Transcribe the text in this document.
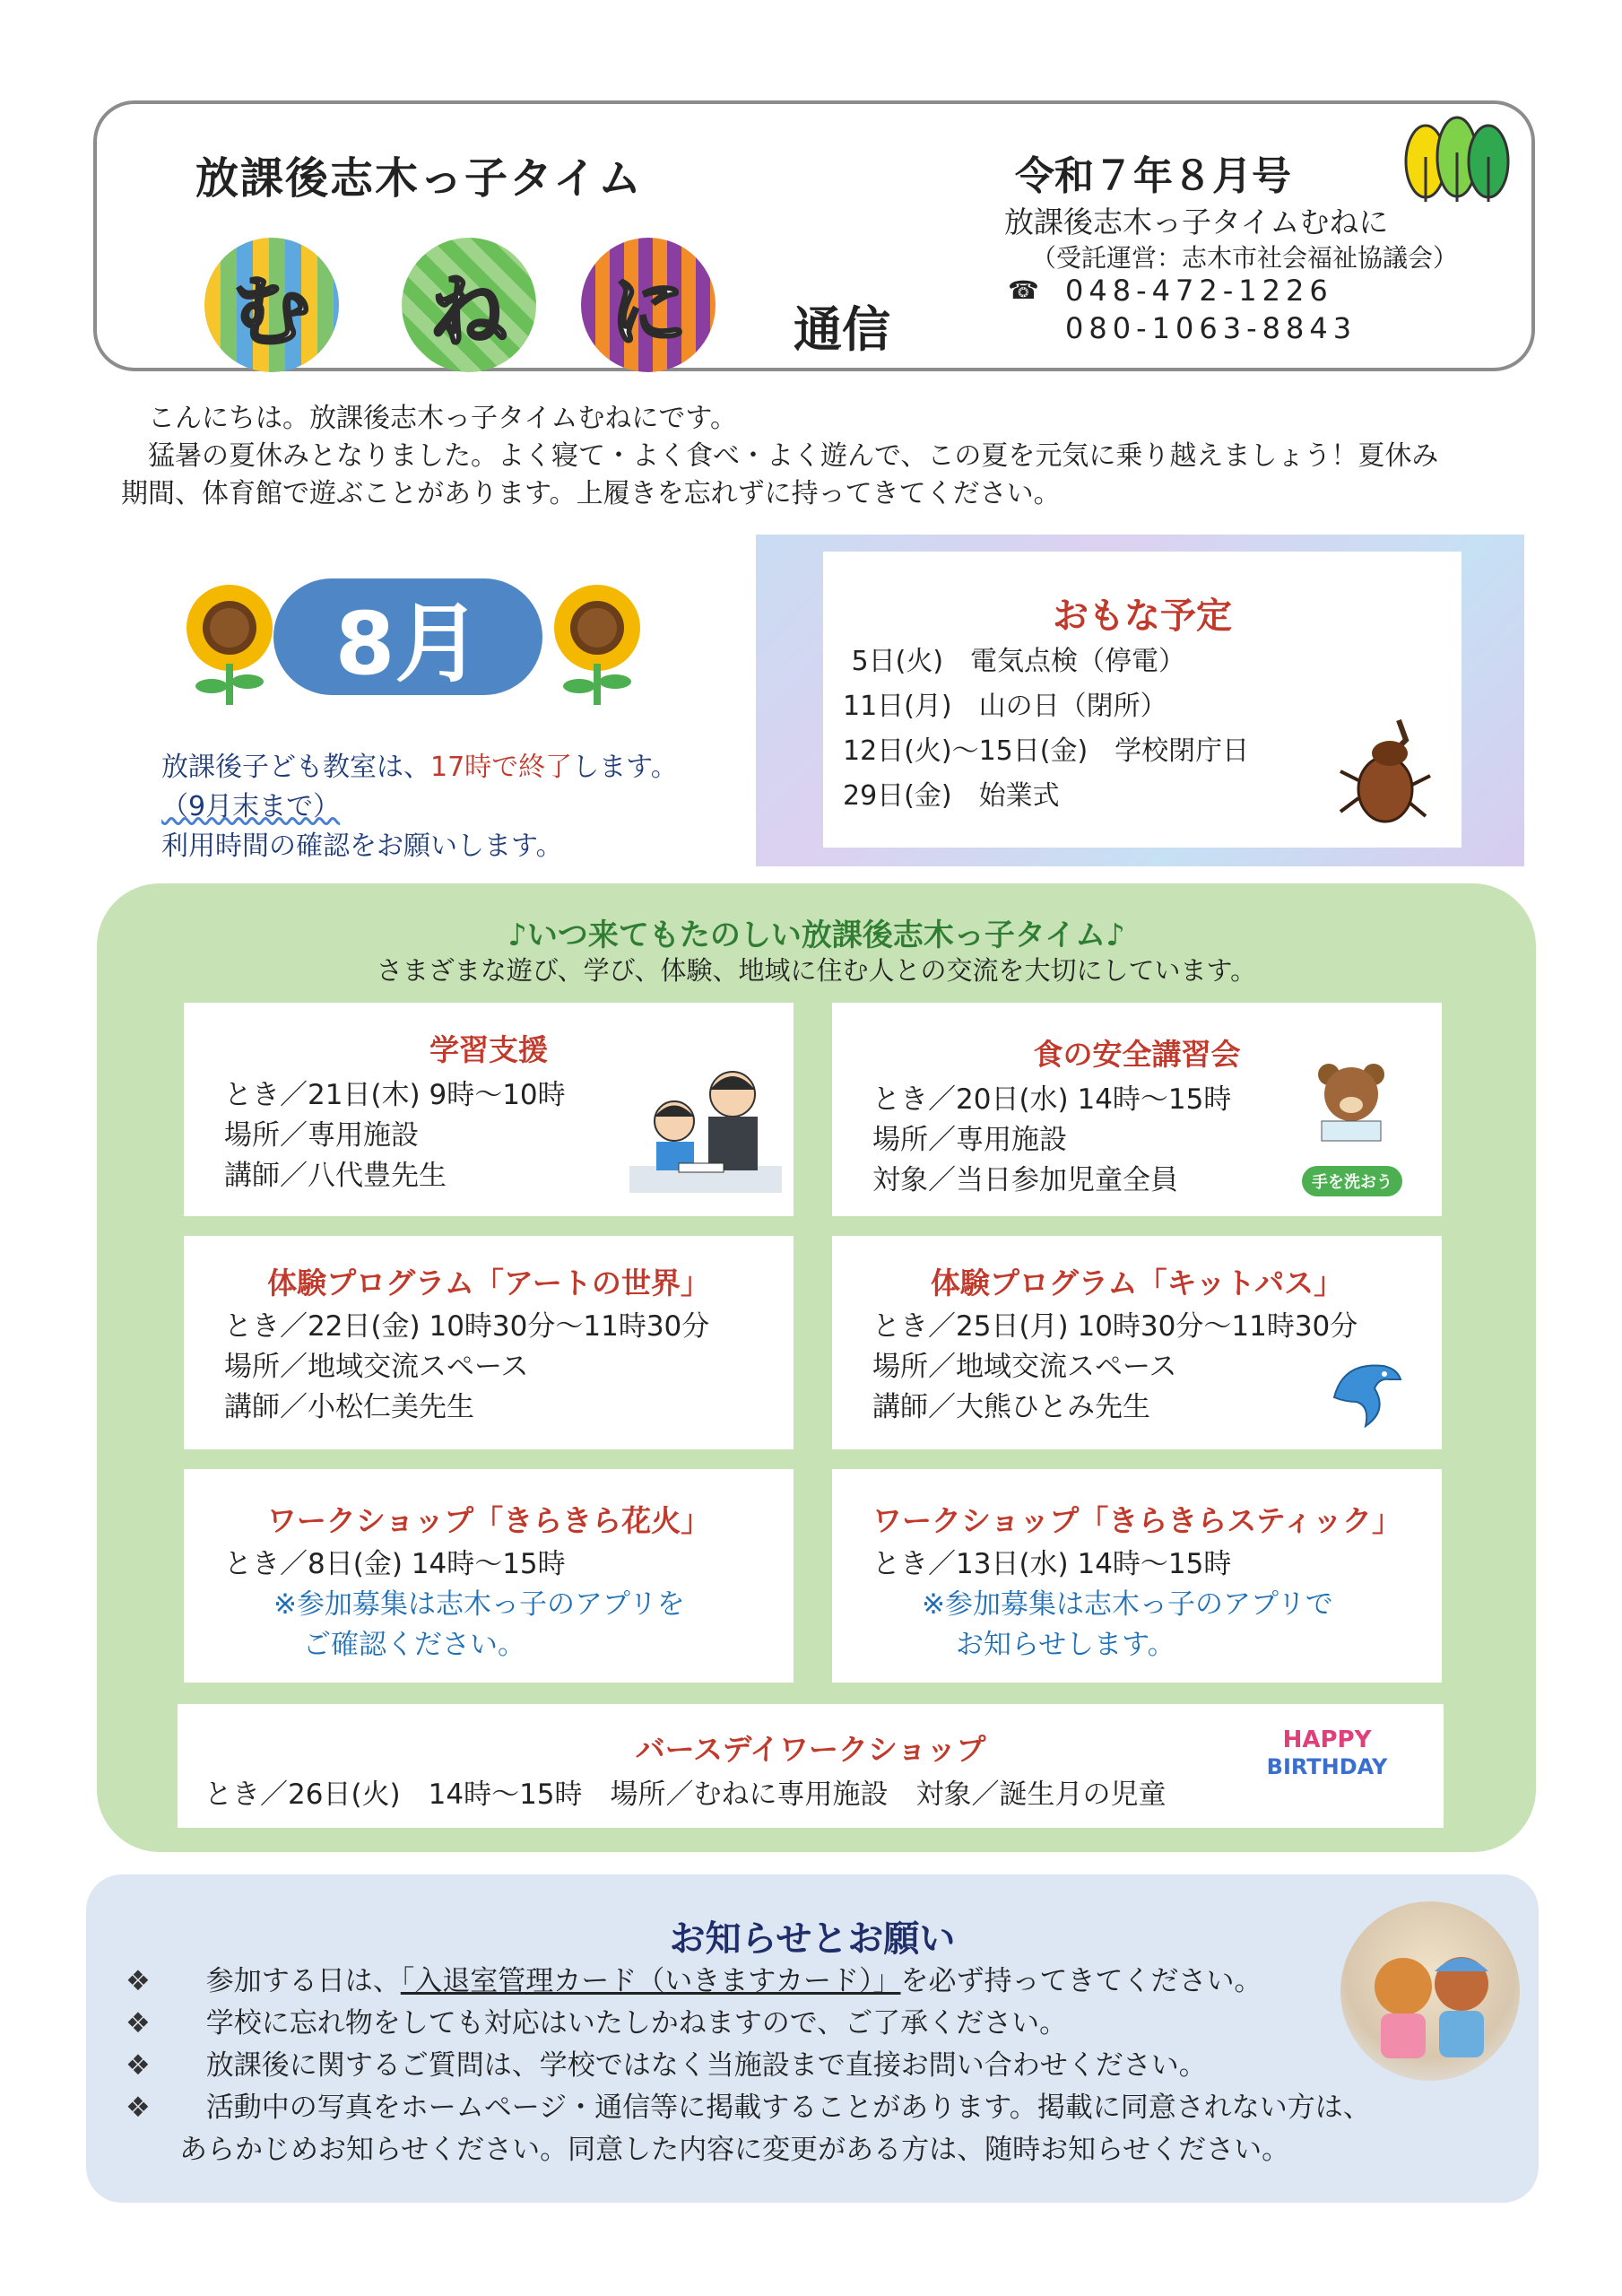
放課後志木っ子タイム
む	ね	に	通信
令和７年８月号
放課後志木っ子タイムむねに
（受託運営：志木市社会福祉協議会）
☎ 048-472-1226
080-1063-8843
こんにちは。放課後志木っ子タイムむねにです。
猛暑の夏休みとなりました。よく寝て・よく食べ・よく遊んで、この夏を元気に乗り越えましょう！夏休み
期間、体育館で遊ぶことがあります。上履きを忘れずに持ってきてください。
8月
放課後子ども教室は、17時で終了します。
（9月末まで）
利用時間の確認をお願いします。
おもな予定
5日(火)　電気点検（停電）
11日(月)　山の日（閉所）
12日(火)～15日(金)　学校閉庁日
29日(金)　始業式
♪いつ来てもたのしい放課後志木っ子タイム♪
さまざまな遊び、学び、体験、地域に住む人との交流を大切にしています。
学習支援
とき／21日(木) 9時～10時
場所／専用施設
講師／八代豊先生
食の安全講習会
とき／20日(水) 14時～15時
場所／専用施設
対象／当日参加児童全員	手を洗おう
体験プログラム「アートの世界」
とき／22日(金) 10時30分～11時30分
場所／地域交流スペース
講師／小松仁美先生
体験プログラム「キットパス」
とき／25日(月) 10時30分～11時30分
場所／地域交流スペース
講師／大熊ひとみ先生
ワークショップ「きらきら花火」
とき／8日(金) 14時～15時
※参加募集は志木っ子のアプリを
ご確認ください。
ワークショップ「きらきらスティック」
とき／13日(水) 14時～15時
※参加募集は志木っ子のアプリで
お知らせします。
バースデイワークショップ
とき／26日(火)　14時～15時　場所／むねに専用施設　対象／誕生月の児童
HAPPY
BIRTHDAY
お知らせとお願い
❖　　 参加する日は、「入退室管理カード（いきますカード）」を必ず持ってきてください。
❖　　 学校に忘れ物をしても対応はいたしかねますので、ご了承ください。
❖　　 放課後に関するご質問は、学校ではなく当施設まで直接お問い合わせください。
❖　　 活動中の写真をホームページ・通信等に掲載することがあります。掲載に同意されない方は、
あらかじめお知らせください。同意した内容に変更がある方は、随時お知らせください。
